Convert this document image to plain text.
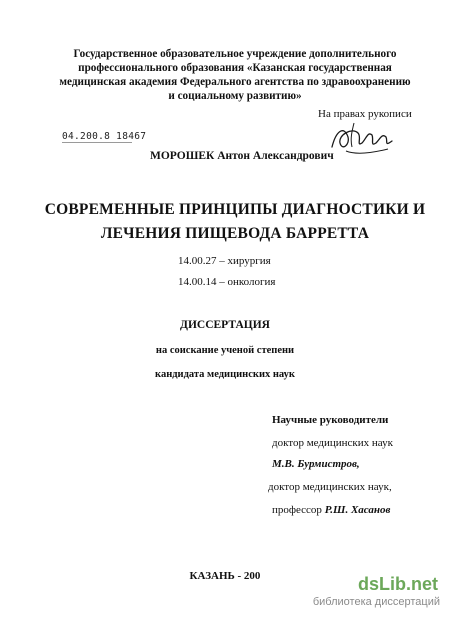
Государственное образовательное учреждение дополнительного
профессионального образования «Казанская государственная
медицинская академия Федерального агентства по здравоохранению
и социальному развитию»
На правах рукописи
04.200.8 18467
МОРОШЕК Антон Александрович
СОВРЕМЕННЫЕ ПРИНЦИПЫ ДИАГНОСТИКИ И
ЛЕЧЕНИЯ ПИЩЕВОДА БАРРЕТТА
14.00.27 – хирургия
14.00.14 – онкология
ДИССЕРТАЦИЯ
на соискание ученой степени
кандидата медицинских наук
Научные руководители
доктор медицинских наук
М.В. Бурмистров,
доктор медицинских наук,
профессор Р.Ш. Хасанов
КАЗАНЬ - 200	dsLib.net
библиотека диссертаций
